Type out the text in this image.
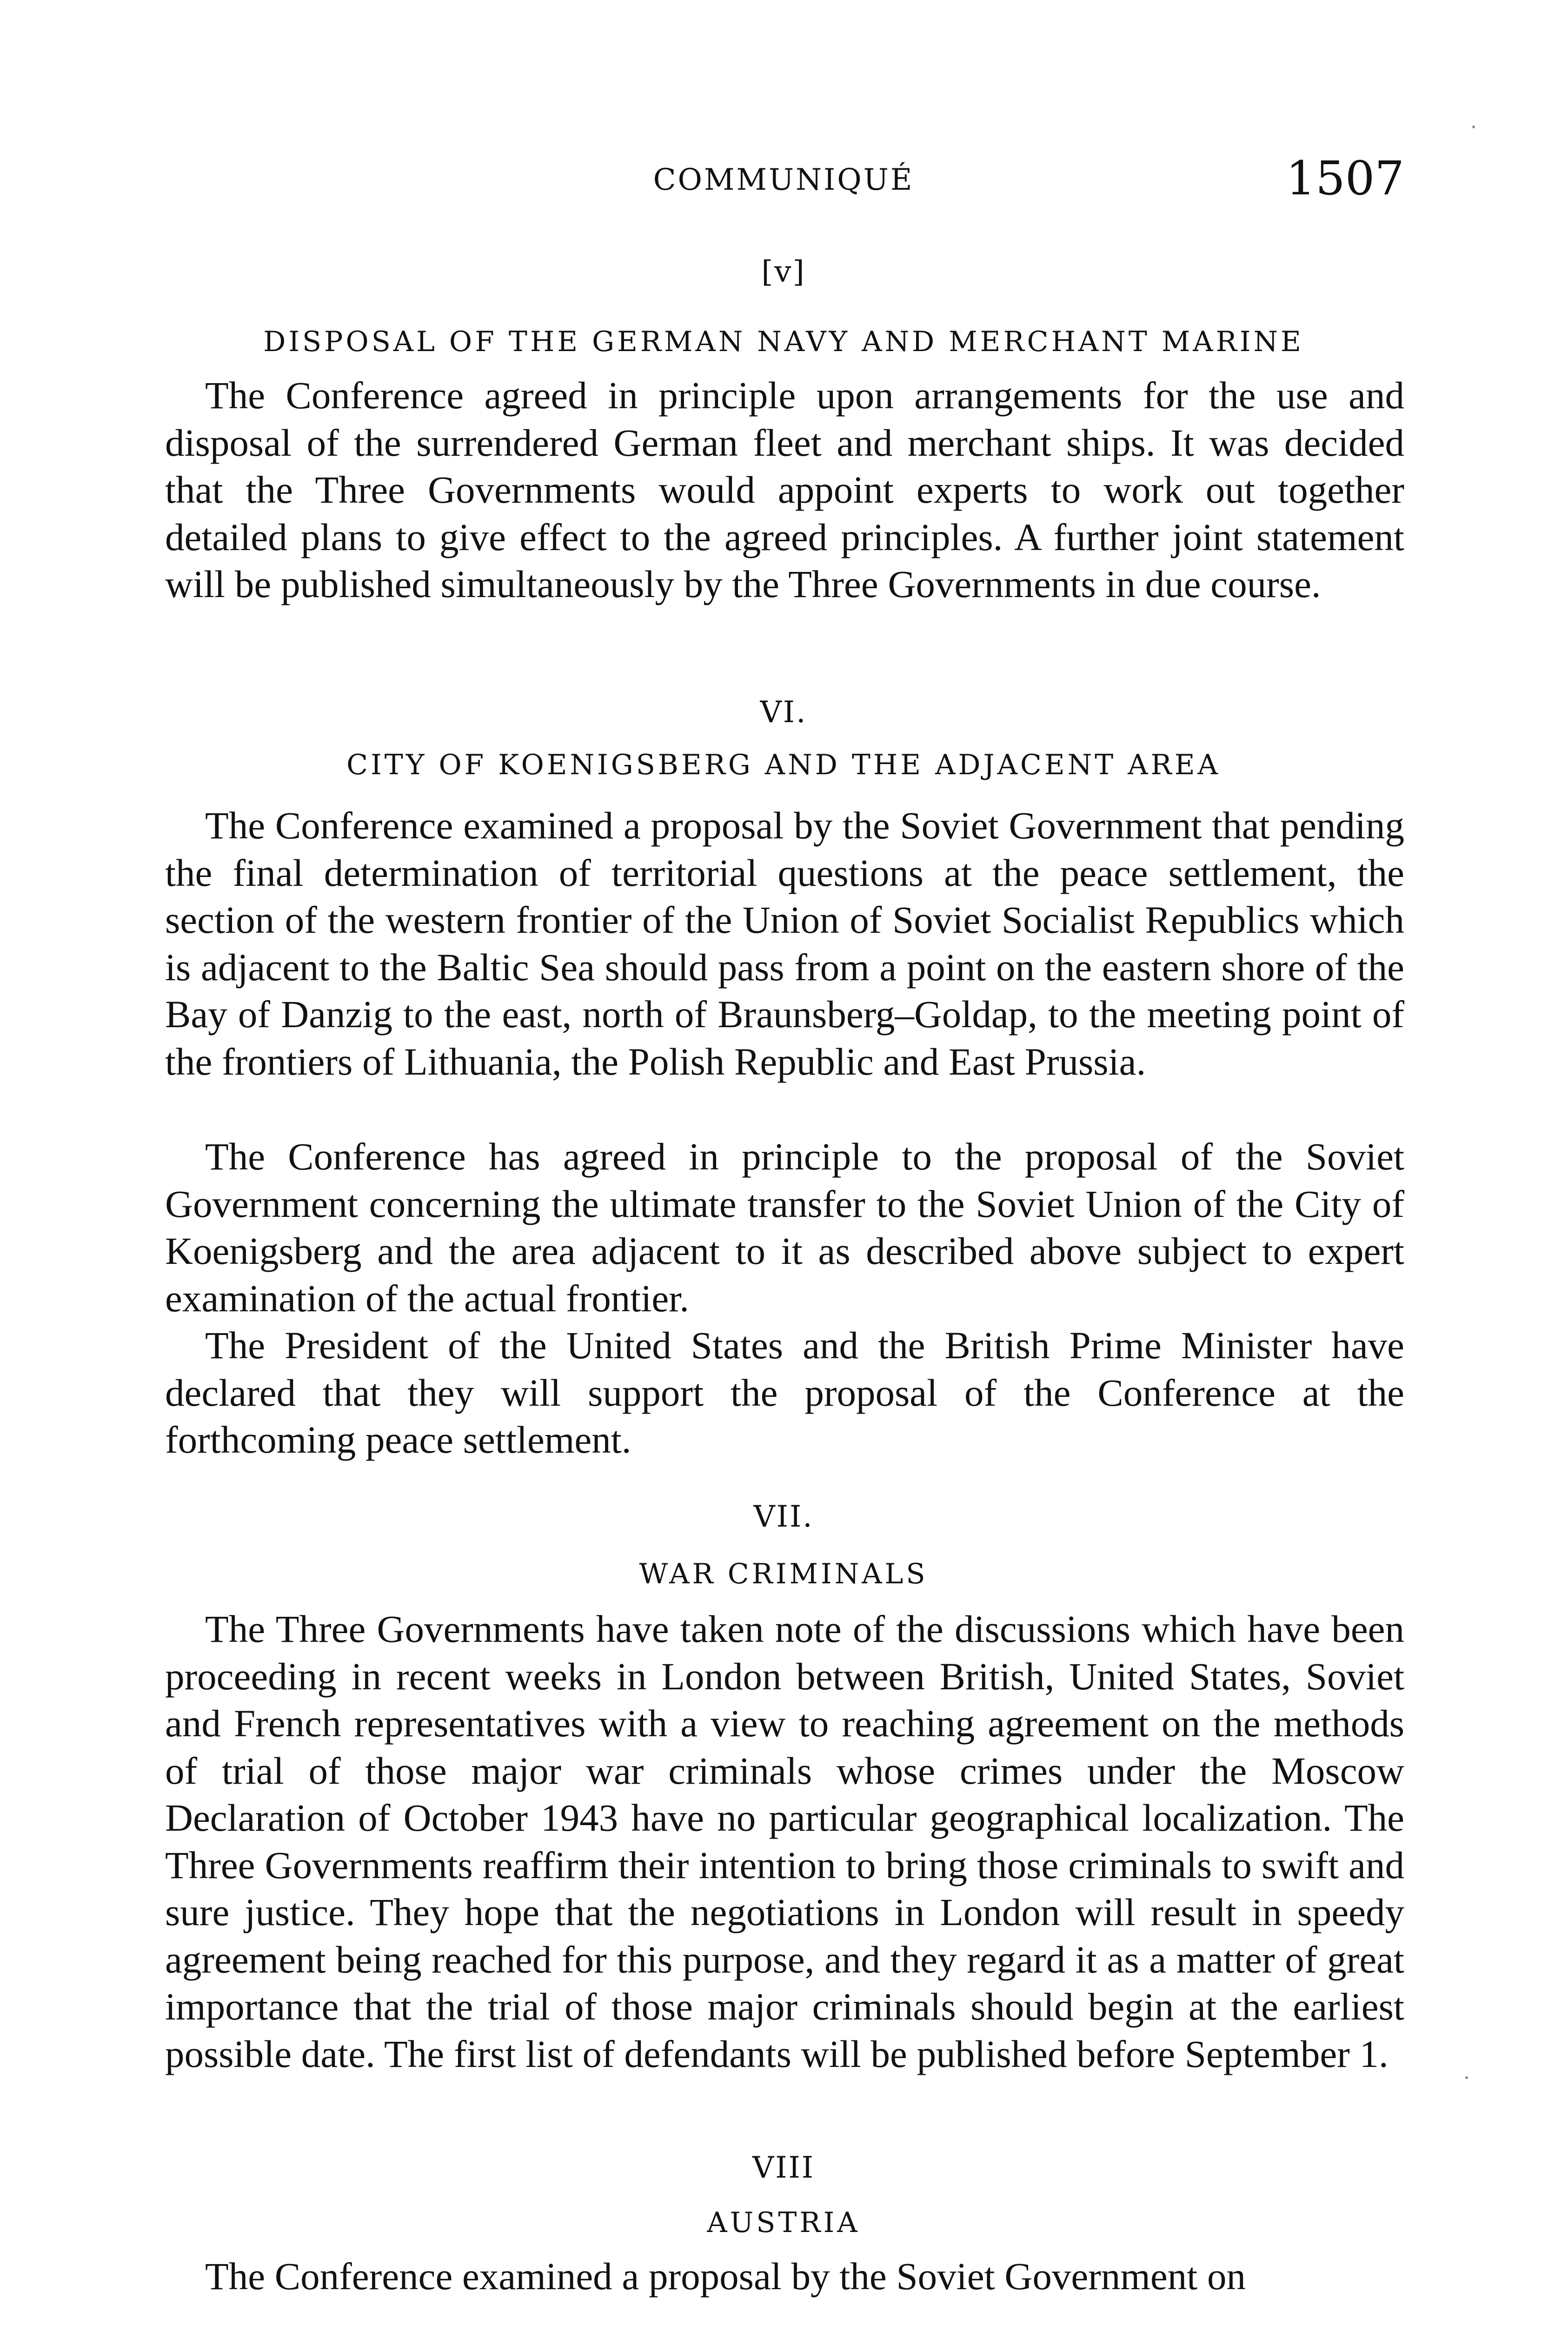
COMMUNIQUÉ	1507
[v]
DISPOSAL OF THE GERMAN NAVY AND MERCHANT MARINE

The Conference agreed in principle upon arrangements for the use and disposal of the surrendered German fleet and merchant ships. It was decided that the Three Governments would appoint experts to work out together detailed plans to give effect to the agreed principles. A further joint statement will be published simultaneously by the Three Governments in due course.

VI.
CITY OF KOENIGSBERG AND THE ADJACENT AREA

The Conference examined a proposal by the Soviet Government that pending the final determination of territorial questions at the peace settlement, the section of the western frontier of the Union of Soviet Socialist Republics which is adjacent to the Baltic Sea should pass from a point on the eastern shore of the Bay of Danzig to the east, north of Braunsberg–Goldap, to the meeting point of the frontiers of Lithuania, the Polish Republic and East Prussia.

The Conference has agreed in principle to the proposal of the Soviet Government concerning the ultimate transfer to the Soviet Union of the City of Koenigsberg and the area adjacent to it as described above subject to expert examination of the actual frontier.

The President of the United States and the British Prime Minister have declared that they will support the proposal of the Conference at the forthcoming peace settlement.

VII.
WAR CRIMINALS

The Three Governments have taken note of the discussions which have been proceeding in recent weeks in London between British, United States, Soviet and French representatives with a view to reaching agreement on the methods of trial of those major war criminals whose crimes under the Moscow Declaration of October 1943 have no particular geographical localization. The Three Governments reaffirm their intention to bring those criminals to swift and sure justice. They hope that the negotiations in London will result in speedy agreement being reached for this purpose, and they regard it as a matter of great importance that the trial of those major criminals should begin at the earliest possible date. The first list of defendants will be published before September 1.

VIII
AUSTRIA

The Conference examined a proposal by the Soviet Government on
